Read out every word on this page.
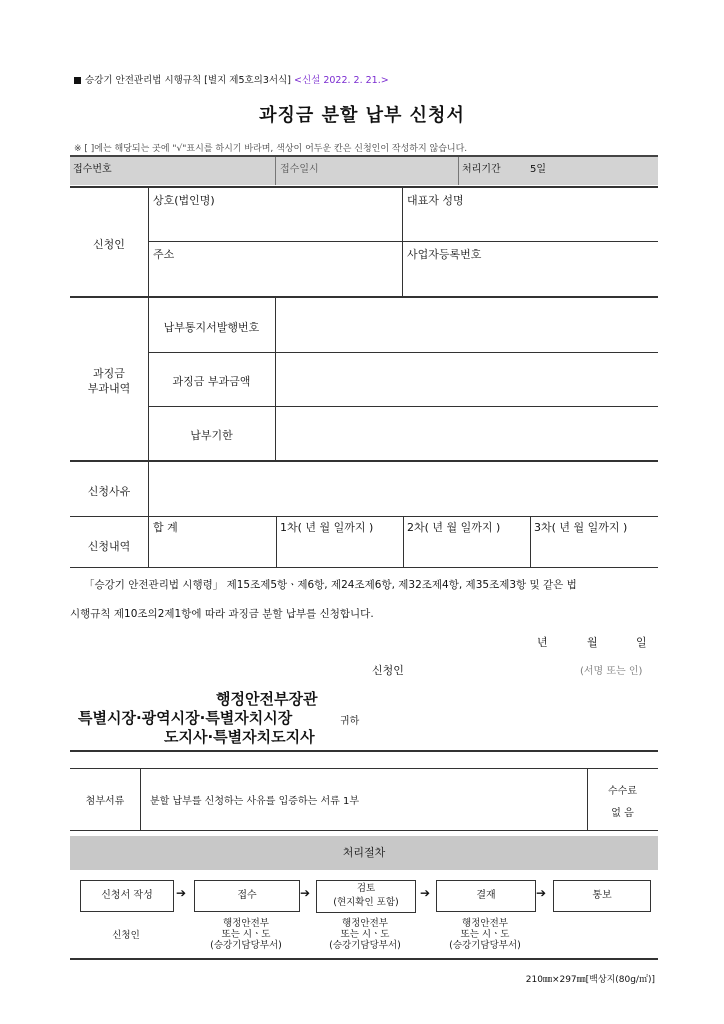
승강기 안전관리법 시행규칙 [별지 제5호의3서식] <신설 2022. 2. 21.>
과징금 분할 납부 신청서
※ [ ]에는 해당되는 곳에 "√"표시를 하시기 바라며, 색상이 어두운 칸은 신청인이 작성하지 않습니다.
접수번호	접수일시	처리기간	5일
신청인
상호(법인명)	대표자 성명
주소	사업자등록번호
과징금
부과내역
납부통지서발행번호
과징금 부과금액
납부기한
신청사유
신청내역
합 계	1차( 년 월 일까지 )	2차( 년 월 일까지 )	3차( 년 월 일까지 )
「승강기 안전관리법 시행령」 제15조제5항ㆍ제6항, 제24조제6항, 제32조제4항, 제35조제3항 및 같은 법
시행규칙 제10조의2제1항에 따라 과징금 분할 납부를 신청합니다.
년	월	일
신청인	(서명 또는 인)
행정안전부장관
특별시장·광역시장·특별자치시장
도지사·특별자치도지사
귀하
첨부서류	분할 납부를 신청하는 사유를 입증하는 서류 1부
수수료
없 음
처리절차
신청서 작성	➔	접수	➔	검토
(현지확인 포함)
➔	결재	➔	통보
신청인
행정안전부
또는 시ㆍ도
(승강기담당부서)
행정안전부
또는 시ㆍ도
(승강기담당부서)
행정안전부
또는 시ㆍ도
(승강기담당부서)
210㎜×297㎜[백상지(80g/㎡)]
